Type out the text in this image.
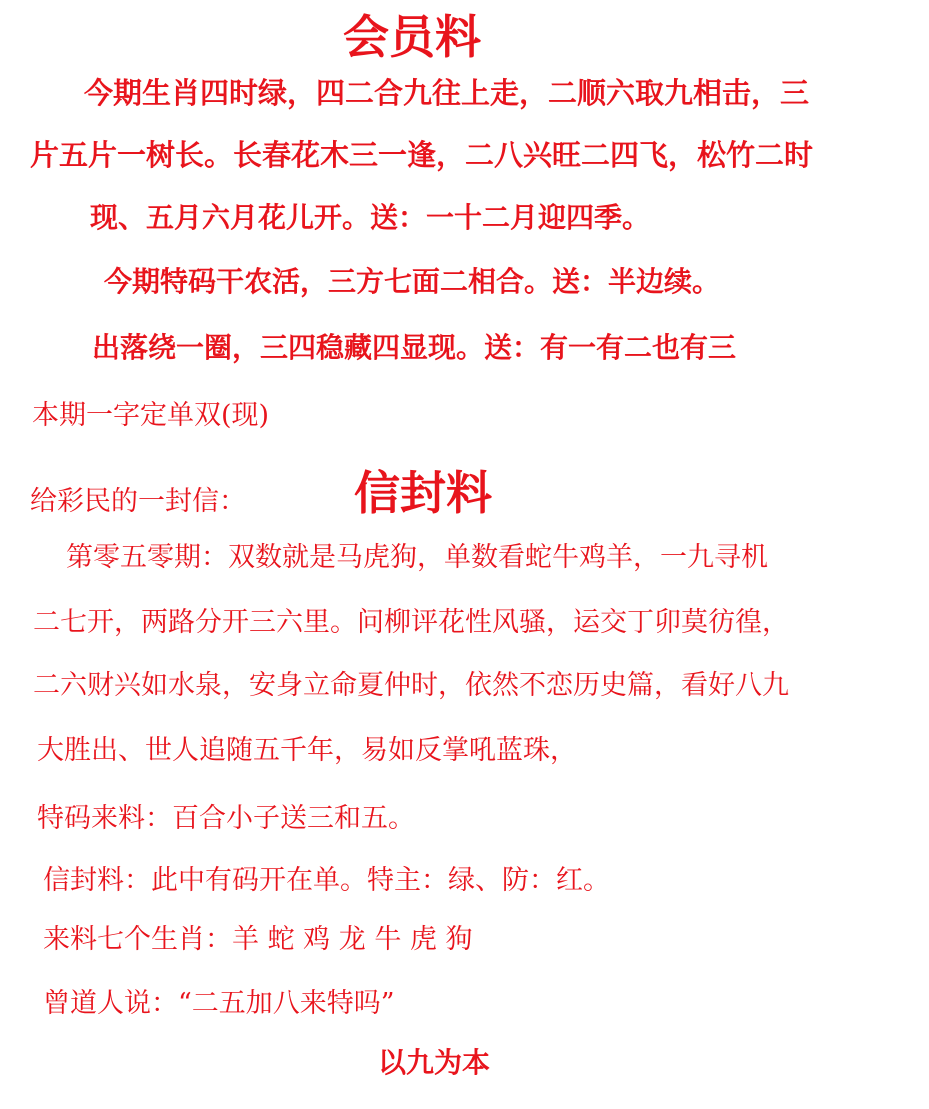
会员料
今期生肖四时绿，四二合九往上走，二顺六取九相击，三
片五片一树长。长春花木三一逢，二八兴旺二四飞，松竹二时
现、五月六月花儿开。送：一十二月迎四季。
今期特码干农活，三方七面二相合。送：半边续。
出落绕一圈，三四稳藏四显现。送：有一有二也有三
本期一字定单双(现)
给彩民的一封信： 信封料
第零五零期：双数就是马虎狗，单数看蛇牛鸡羊，一九寻机
二七开，两路分开三六里。问柳评花性风骚，运交丁卯莫彷徨，
二六财兴如水泉，安身立命夏仲时，依然不恋历史篇，看好八九
大胜出、世人追随五千年，易如反掌吼蓝珠，
特码来料：百合小子送三和五。
信封料：此中有码开在单。特主：绿、防：红。
来料七个生肖：羊 蛇 鸡 龙 牛 虎 狗
曾道人说：“二五加八来特吗”
以九为本
